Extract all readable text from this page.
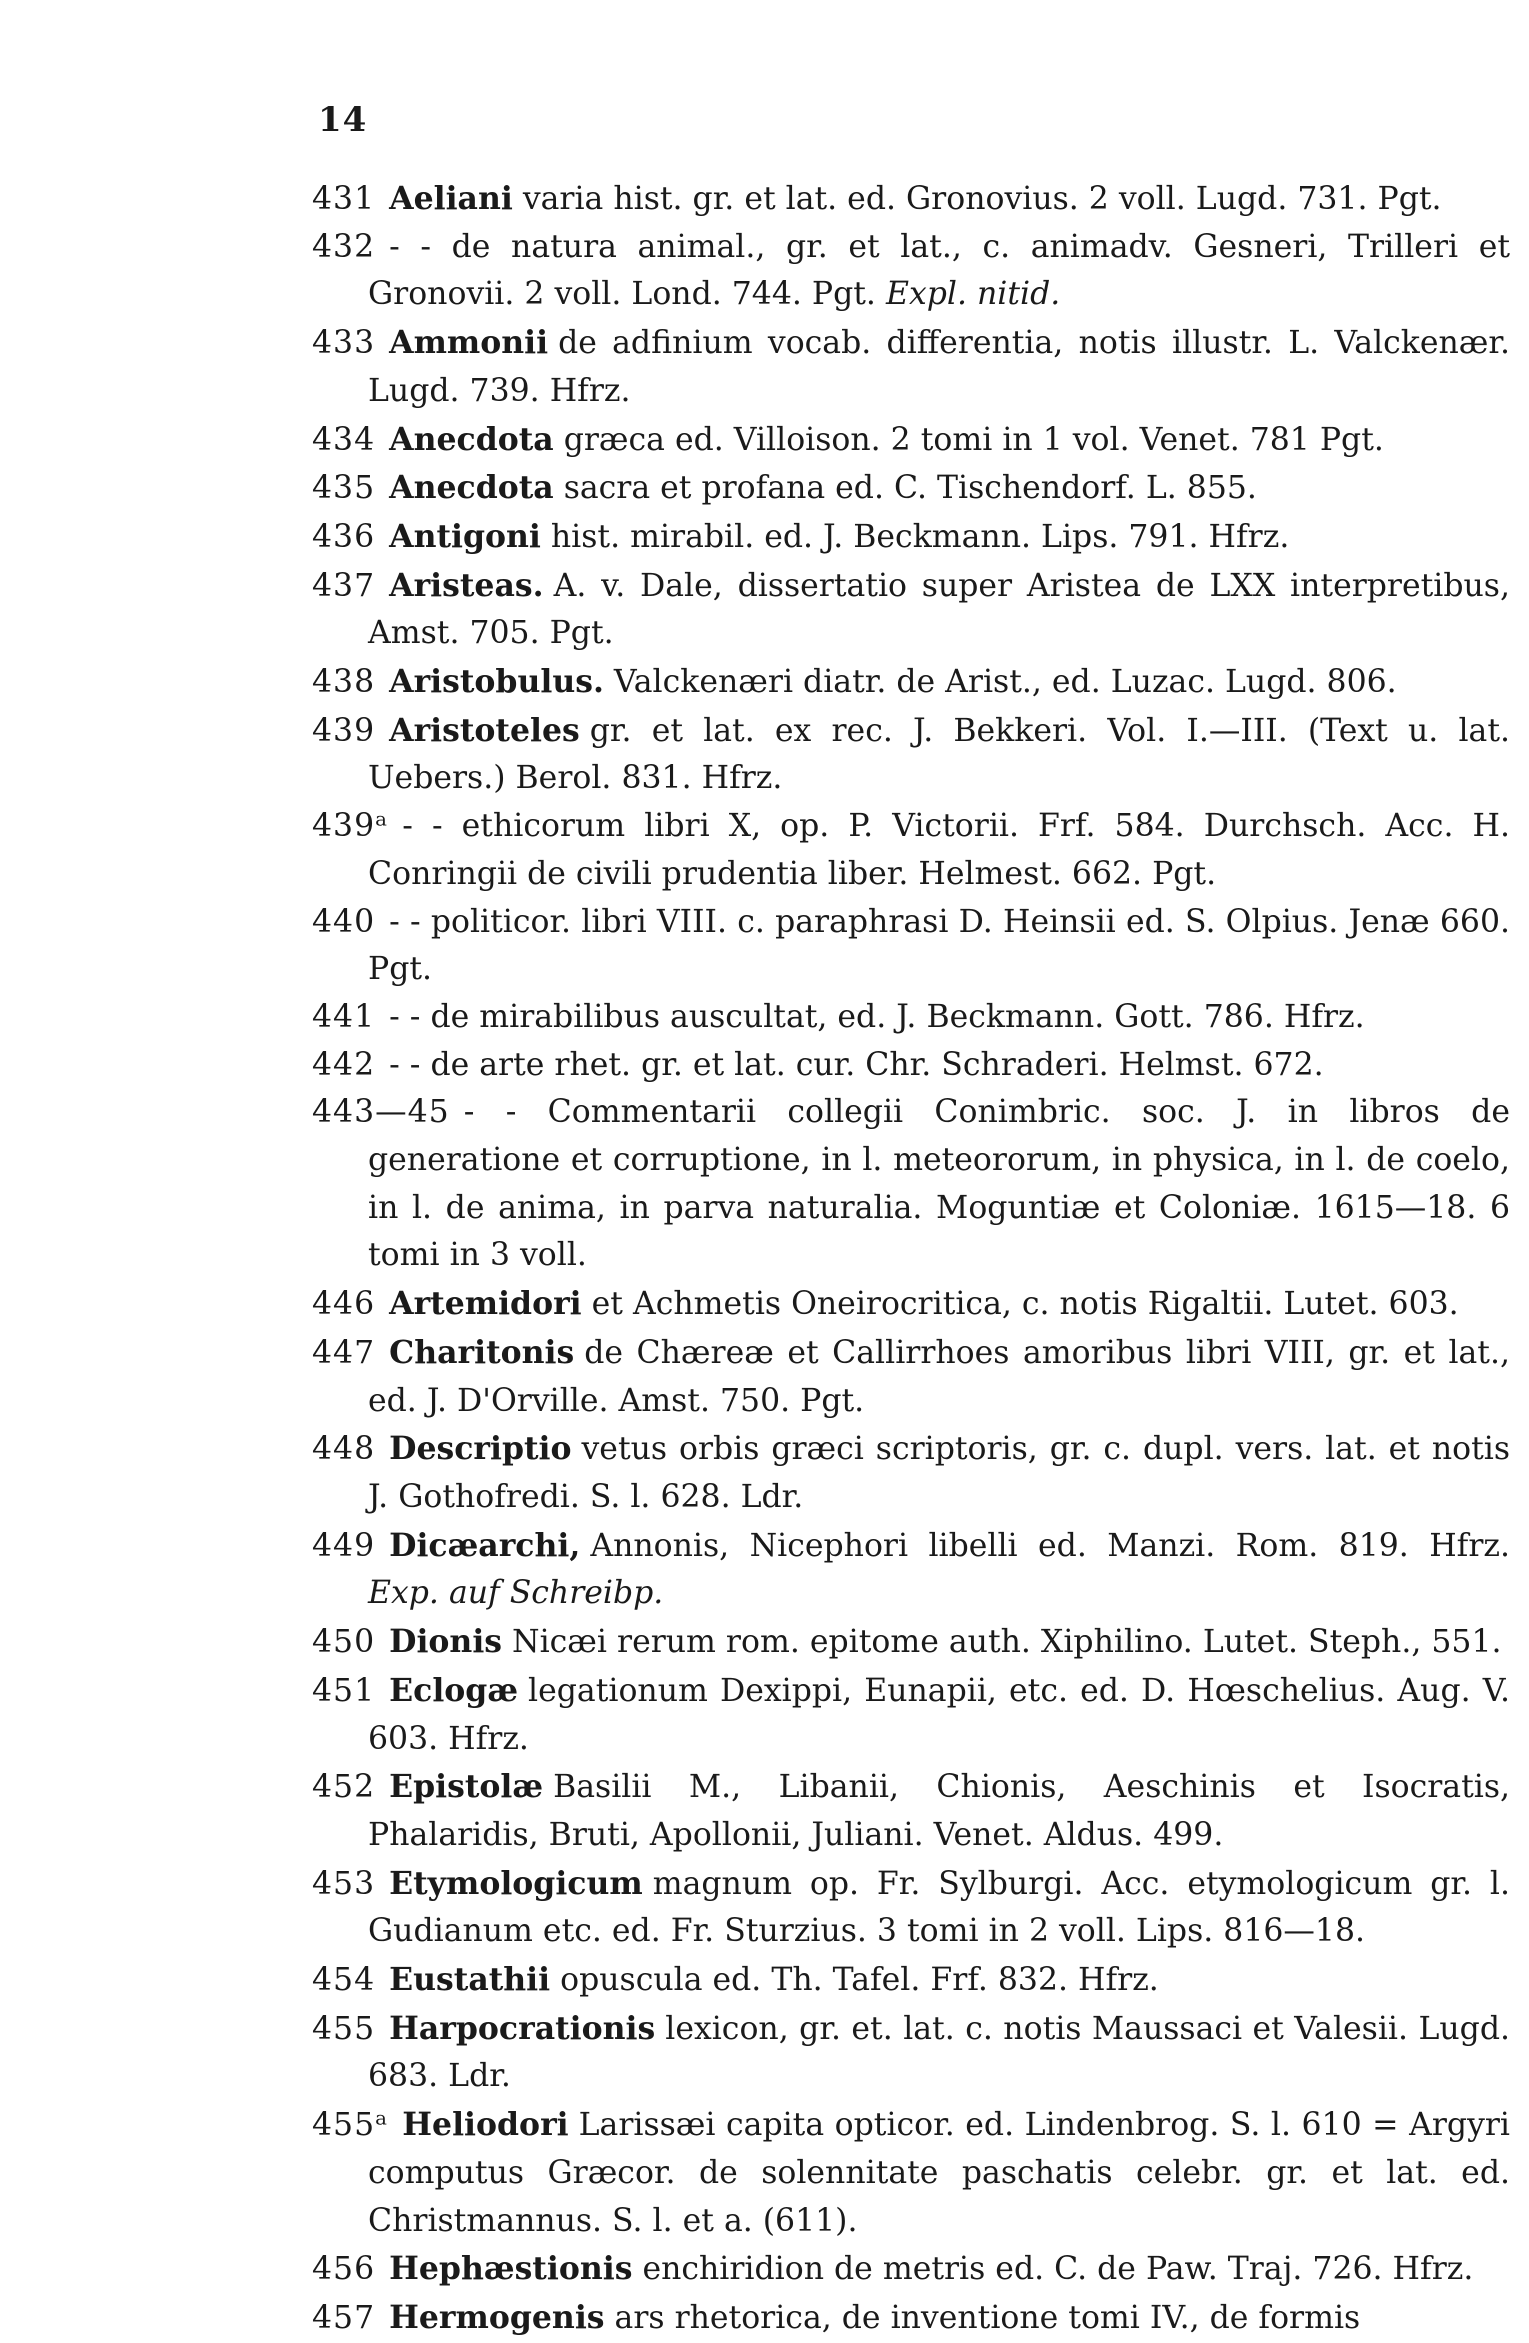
14

431 Aeliani varia hist. gr. et lat. ed. Gronovius. 2 voll. Lugd. 731. Pgt.

432 - - de natura animal., gr. et lat., c. animadv. Gesneri, Trilleri et Gronovii. 2 voll. Lond. 744. Pgt. Expl. nitid.

433 Ammonii de adfinium vocab. differentia, notis illustr. L. Valckenær. Lugd. 739. Hfrz.

434 Anecdota græca ed. Villoison. 2 tomi in 1 vol. Venet. 781 Pgt.

435 Anecdota sacra et profana ed. C. Tischendorf. L. 855.

436 Antigoni hist. mirabil. ed. J. Beckmann. Lips. 791. Hfrz.

437 Aristeas. A. v. Dale, dissertatio super Aristea de LXX interpretibus, Amst. 705. Pgt.

438 Aristobulus. Valckenæri diatr. de Arist., ed. Luzac. Lugd. 806.

439 Aristoteles gr. et lat. ex rec. J. Bekkeri. Vol. I.—III. (Text u. lat. Uebers.) Berol. 831. Hfrz.

439ᵃ - - ethicorum libri X, op. P. Victorii. Frf. 584. Durchsch. Acc. H. Conringii de civili prudentia liber. Helmest. 662. Pgt.

440 - - politicor. libri VIII. c. paraphrasi D. Heinsii ed. S. Olpius. Jenæ 660. Pgt.

441 - - de mirabilibus auscultat, ed. J. Beckmann. Gott. 786. Hfrz.

442 - - de arte rhet. gr. et lat. cur. Chr. Schraderi. Helmst. 672.

443—45 - - Commentarii collegii Conimbric. soc. J. in libros de generatione et corruptione, in l. meteororum, in physica, in l. de coelo, in l. de anima, in parva naturalia. Moguntiæ et Coloniæ. 1615—18. 6 tomi in 3 voll.

446 Artemidori et Achmetis Oneirocritica, c. notis Rigaltii. Lutet. 603.

447 Charitonis de Chæreæ et Callirrhoes amoribus libri VIII, gr. et lat., ed. J. D'Orville. Amst. 750. Pgt.

448 Descriptio vetus orbis græci scriptoris, gr. c. dupl. vers. lat. et notis J. Gothofredi. S. l. 628. Ldr.

449 Dicæarchi, Annonis, Nicephori libelli ed. Manzi. Rom. 819. Hfrz. Exp. auf Schreibp.

450 Dionis Nicæi rerum rom. epitome auth. Xiphilino. Lutet. Steph., 551.

451 Eclogæ legationum Dexippi, Eunapii, etc. ed. D. Hœschelius. Aug. V. 603. Hfrz.

452 Epistolæ Basilii M., Libanii, Chionis, Aeschinis et Isocratis, Phalaridis, Bruti, Apollonii, Juliani. Venet. Aldus. 499.

453 Etymologicum magnum op. Fr. Sylburgi. Acc. etymologicum gr. l. Gudianum etc. ed. Fr. Sturzius. 3 tomi in 2 voll. Lips. 816—18.

454 Eustathii opuscula ed. Th. Tafel. Frf. 832. Hfrz.

455 Harpocrationis lexicon, gr. et. lat. c. notis Maussaci et Valesii. Lugd. 683. Ldr.

455ᵃ Heliodori Larissæi capita opticor. ed. Lindenbrog. S. l. 610 = Argyri computus Græcor. de solennitate paschatis celebr. gr. et lat. ed. Christmannus. S. l. et a. (611).

456 Hephæstionis enchiridion de metris ed. C. de Paw. Traj. 726. Hfrz.

457 Hermogenis ars rhetorica, de inventione tomi IV., de formis
